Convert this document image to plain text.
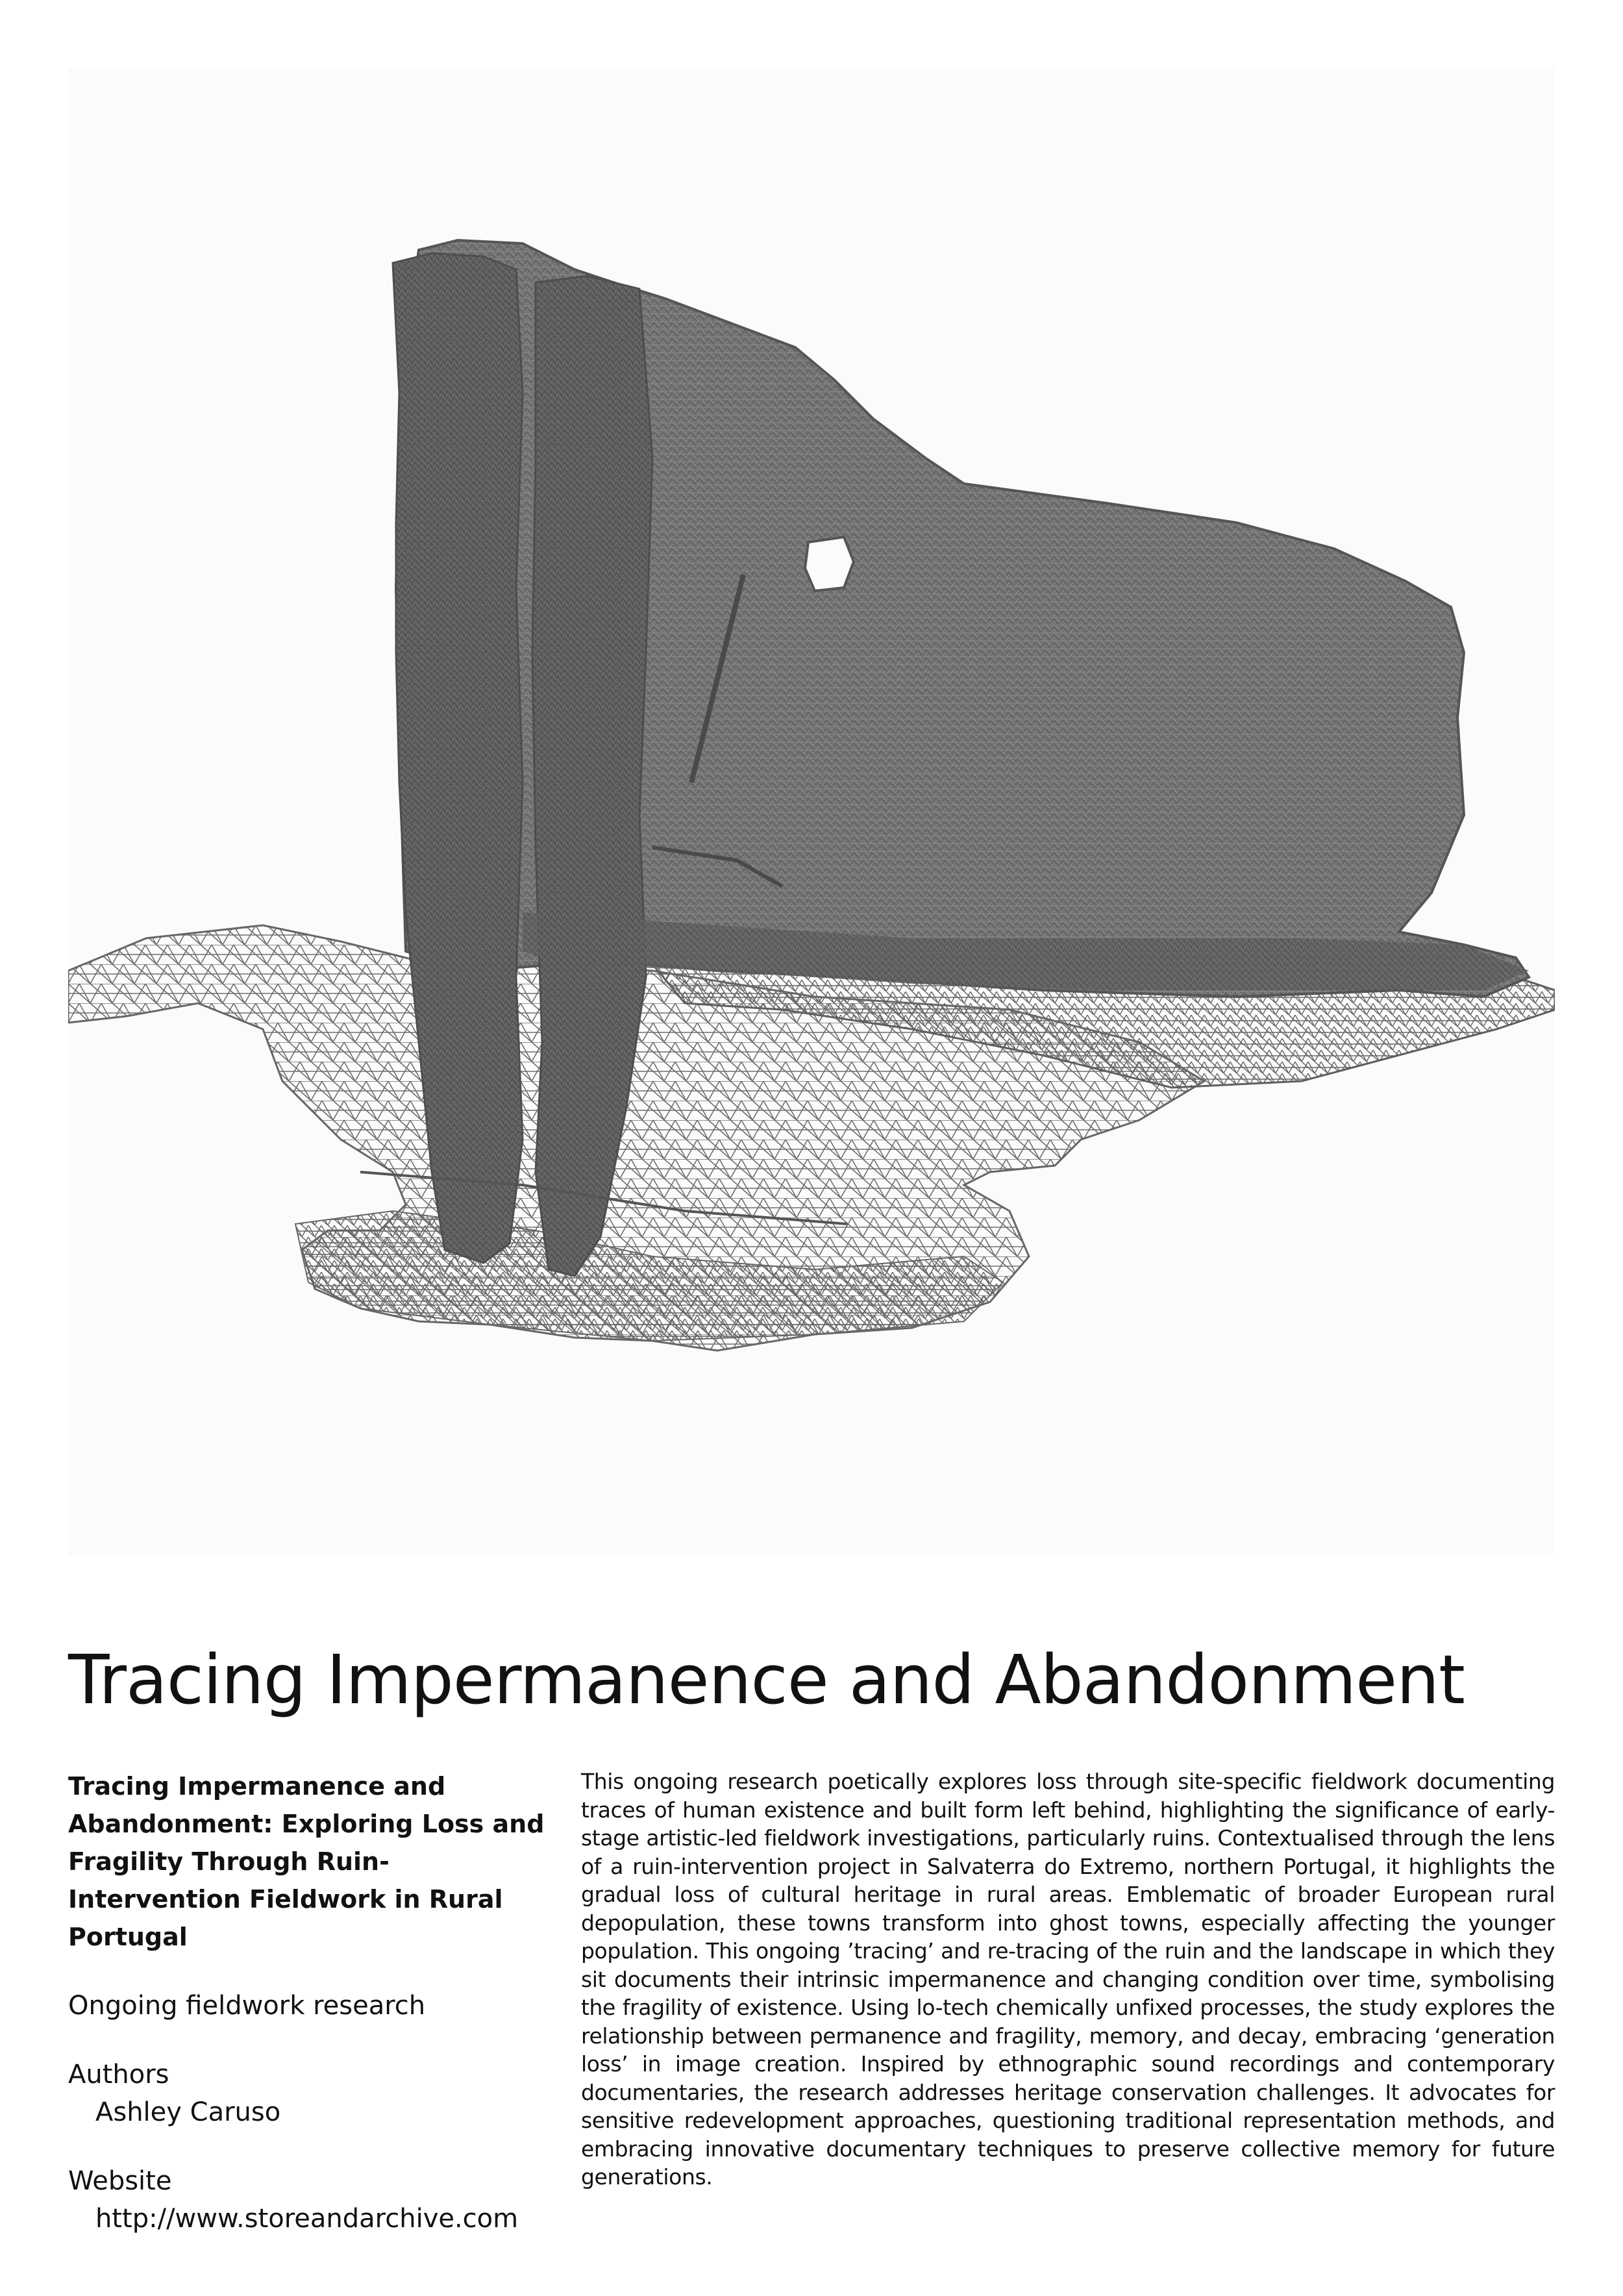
Tracing Impermanence and Abandonment

Tracing Impermanence and Abandonment: Exploring Loss and Fragility Through Ruin-Intervention Fieldwork in Rural Portugal

Ongoing fieldwork research

Authors
Ashley Caruso
Website
http://www.storeandarchive.com

This ongoing research poetically explores loss through site-specific fieldwork documenting traces of human existence and built form left behind, highlighting the significance of early-stage artistic-led fieldwork investigations, particularly ruins. Contextualised through the lens of a ruin-intervention project in Salvaterra do Extremo, northern Portugal, it highlights the gradual loss of cultural heritage in rural areas. Emblematic of broader European rural depopulation, these towns transform into ghost towns, especially affecting the younger population. This ongoing ’tracing’ and re-tracing of the ruin and the landscape in which they sit documents their intrinsic impermanence and changing condition over time, symbolising the fragility of existence. Using lo-tech chemically unfixed processes, the study explores the relationship between permanence and fragility, memory, and decay, embracing ‘generation loss’ in image creation. Inspired by ethnographic sound recordings and contemporary documentaries, the research addresses heritage conservation challenges. It advocates for sensitive redevelopment approaches, questioning traditional representation methods, and embracing innovative documentary techniques to preserve collective memory for future generations.
